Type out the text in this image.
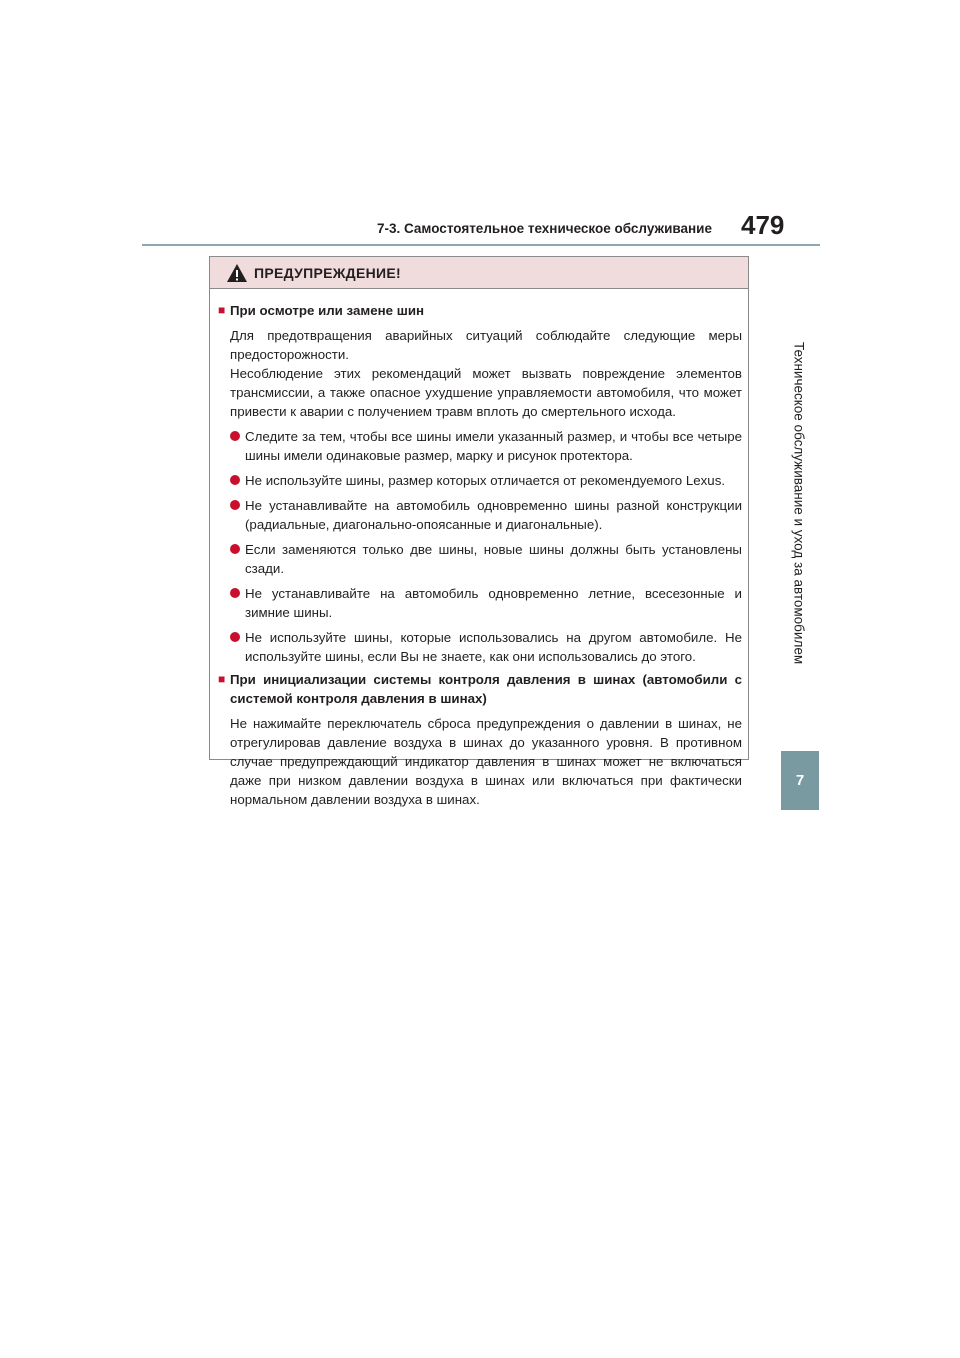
7-3. Самостоятельное техническое обслуживание 479
Техническое обслуживание и уход за автомобилем
7
ПРЕДУПРЕЖДЕНИЕ!
■ При осмотре или замене шин
Для предотвращения аварийных ситуаций соблюдайте следующие меры предосторожности.
Несоблюдение этих рекомендаций может вызвать повреждение элементов трансмиссии, а также опасное ухудшение управляемости автомобиля, что может привести к аварии с получением травм вплоть до смертельного исхода.
Следите за тем, чтобы все шины имели указанный размер, и чтобы все четыре шины имели одинаковые размер, марку и рисунок протектора.
Не используйте шины, размер которых отличается от рекомендуемого Lexus.
Не устанавливайте на автомобиль одновременно шины разной конструкции (радиальные, диагонально-опоясанные и диагональные).
Если заменяются только две шины, новые шины должны быть установлены сзади.
Не устанавливайте на автомобиль одновременно летние, всесезонные и зимние шины.
Не используйте шины, которые использовались на другом автомобиле. Не используйте шины, если Вы не знаете, как они использовались до этого.
■ При инициализации системы контроля давления в шинах (автомобили с системой контроля давления в шинах)
Не нажимайте переключатель сброса предупреждения о давлении в шинах, не отрегулировав давление воздуха в шинах до указанного уровня. В противном случае предупреждающий индикатор давления в шинах может не включаться даже при низком давлении воздуха в шинах или включаться при фактически нормальном давлении воздуха в шинах.
